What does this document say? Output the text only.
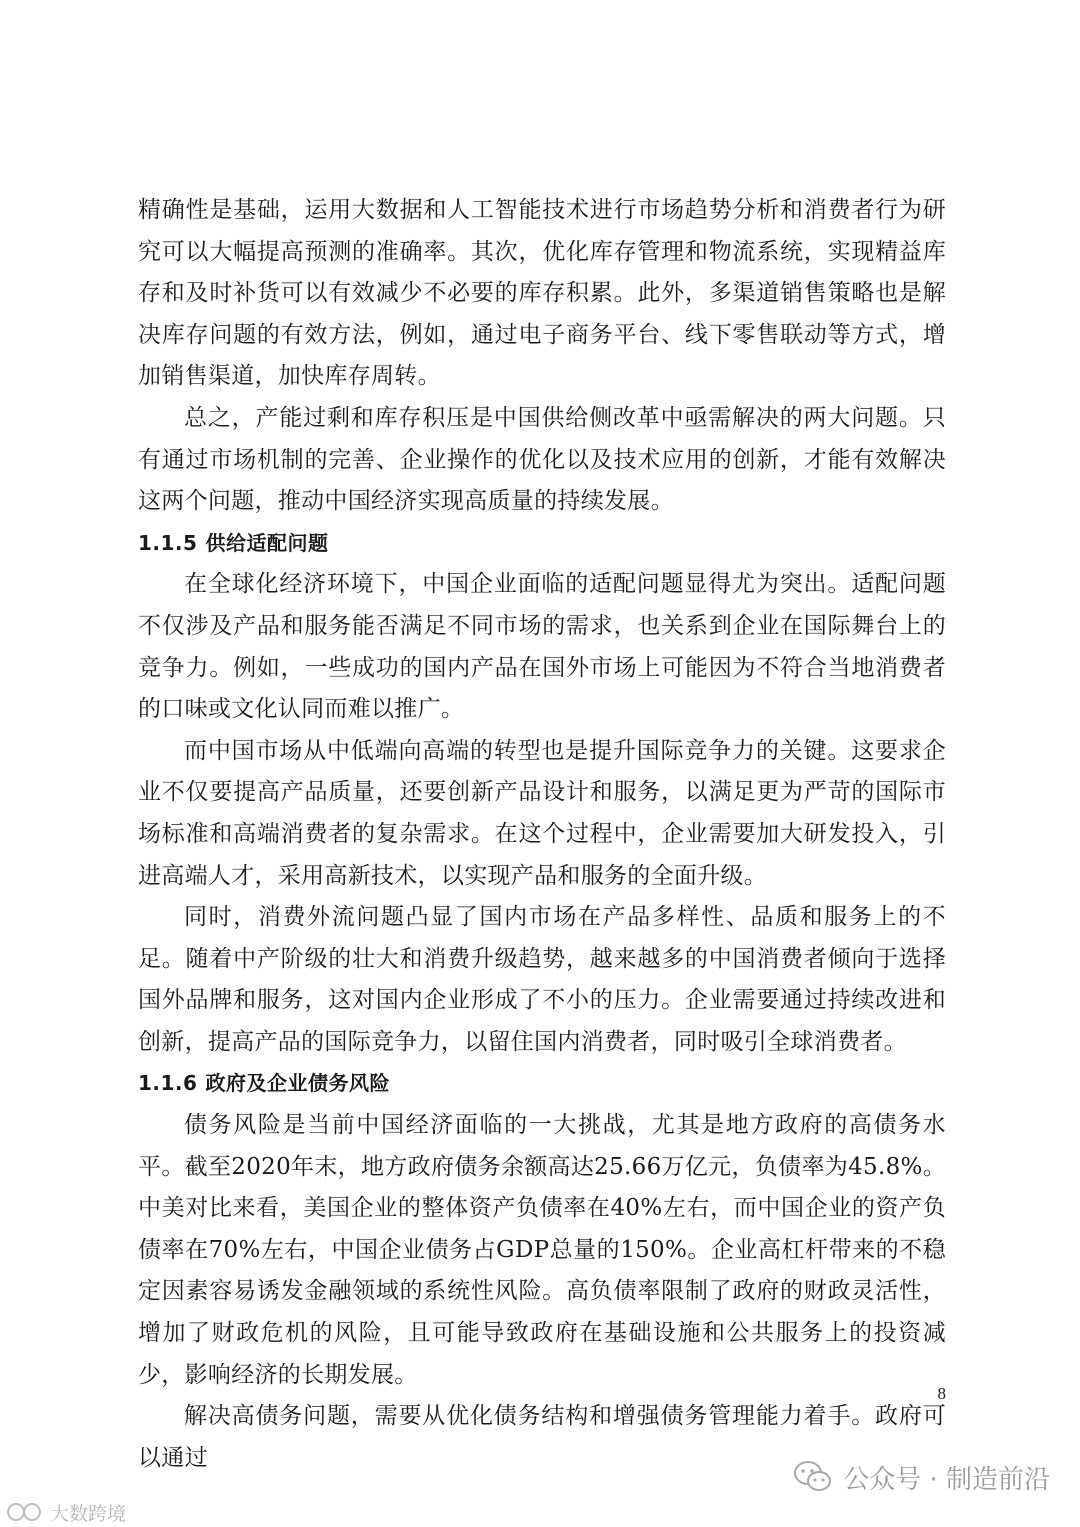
精确性是基础，运用大数据和人工智能技术进行市场趋势分析和消费者行为研究可以大幅提高预测的准确率。其次，优化库存管理和物流系统，实现精益库存和及时补货可以有效减少不必要的库存积累。此外，多渠道销售策略也是解决库存问题的有效方法，例如，通过电子商务平台、线下零售联动等方式，增加销售渠道，加快库存周转。

总之，产能过剩和库存积压是中国供给侧改革中亟需解决的两大问题。只有通过市场机制的完善、企业操作的优化以及技术应用的创新，才能有效解决这两个问题，推动中国经济实现高质量的持续发展。

1.1.5 供给适配问题

在全球化经济环境下，中国企业面临的适配问题显得尤为突出。适配问题不仅涉及产品和服务能否满足不同市场的需求，也关系到企业在国际舞台上的竞争力。例如，一些成功的国内产品在国外市场上可能因为不符合当地消费者的口味或文化认同而难以推广。

而中国市场从中低端向高端的转型也是提升国际竞争力的关键。这要求企业不仅要提高产品质量，还要创新产品设计和服务，以满足更为严苛的国际市场标准和高端消费者的复杂需求。在这个过程中，企业需要加大研发投入，引进高端人才，采用高新技术，以实现产品和服务的全面升级。

同时，消费外流问题凸显了国内市场在产品多样性、品质和服务上的不足。随着中产阶级的壮大和消费升级趋势，越来越多的中国消费者倾向于选择国外品牌和服务，这对国内企业形成了不小的压力。企业需要通过持续改进和创新，提高产品的国际竞争力，以留住国内消费者，同时吸引全球消费者。

1.1.6 政府及企业债务风险

债务风险是当前中国经济面临的一大挑战，尤其是地方政府的高债务水平。截至2020年末，地方政府债务余额高达25.66万亿元，负债率为45.8%。中美对比来看，美国企业的整体资产负债率在40%左右，而中国企业的资产负债率在70%左右，中国企业债务占GDP总量的150%。企业高杠杆带来的不稳定因素容易诱发金融领域的系统性风险。高负债率限制了政府的财政灵活性，增加了财政危机的风险，且可能导致政府在基础设施和公共服务上的投资减少，影响经济的长期发展。

解决高债务问题，需要从优化债务结构和增强债务管理能力着手。政府可以通过

8
公众号 · 制造前沿
大数跨境
